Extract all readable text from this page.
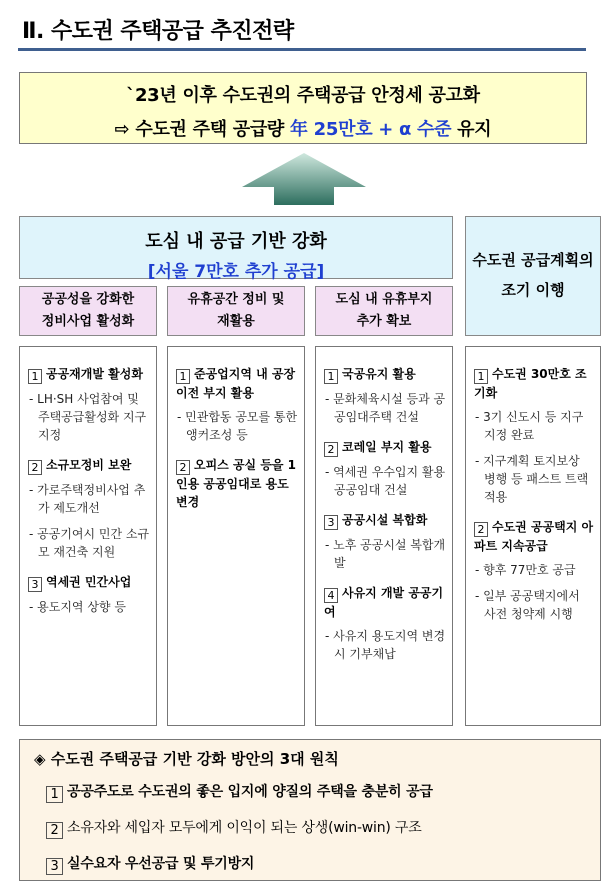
Ⅱ. 수도권 주택공급 추진전략
`23년 이후 수도권의 주택공급 안정세 공고화
⇨ 수도권 주택 공급량 年 25만호 + α 수준 유지
도심 내 공급 기반 강화
[서울 7만호 추가 공급]
수도권 공급계획의
조기 이행
공공성을 강화한
정비사업 활성화
유휴공간 정비 및
재활용
도심 내 유휴부지
추가 확보
1 공공재개발 활성화
- LH·SH 사업참여 및 주택공급활성화 지구 지정
2 소규모정비 보완
- 가로주택정비사업 추가 제도개선
- 공공기여시 민간 소규모 재건축 지원
3 역세권 민간사업
- 용도지역 상향 등
1 준공업지역 내 공장 이전 부지 활용
- 민관합동 공모를 통한 앵커조성 등
2 오피스 공실 등을 1인용 공공임대로 용도변경
1 국공유지 활용
- 문화체육시설 등과 공공임대주택 건설
2 코레일 부지 활용
- 역세권 우수입지 활용 공공임대 건설
3 공공시설 복합화
- 노후 공공시설 복합개발
4 사유지 개발 공공기여
- 사유지 용도지역 변경시 기부채납
1 수도권 30만호 조기화
- 3기 신도시 등 지구지정 완료
- 지구계획 토지보상 병행 등 패스트 트랙 적용
2 수도권 공공택지 아파트 지속공급
- 향후 77만호 공급
- 일부 공공택지에서 사전 청약제 시행
◈ 수도권 주택공급 기반 강화 방안의 3대 원칙
1 공공주도로 수도권의 좋은 입지에 양질의 주택을 충분히 공급
2 소유자와 세입자 모두에게 이익이 되는 상생(win-win) 구조
3 실수요자 우선공급 및 투기방지
